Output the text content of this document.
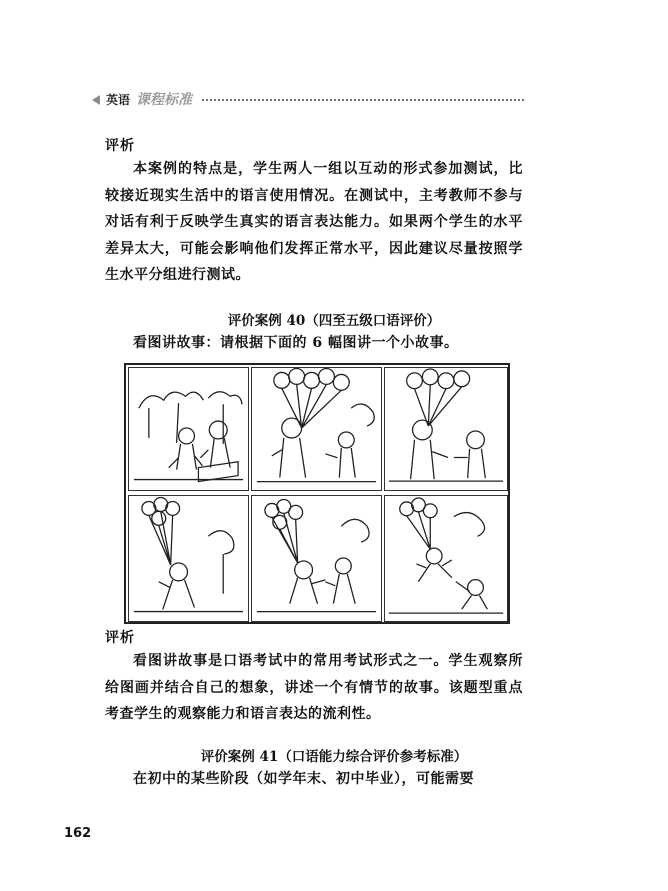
英语 课程标准
评析
本案例的特点是，学生两人一组以互动的形式参加测试，比较接近现实生活中的语言使用情况。在测试中，主考教师不参与对话有利于反映学生真实的语言表达能力。如果两个学生的水平差异太大，可能会影响他们发挥正常水平，因此建议尽量按照学生水平分组进行测试。
评价案例 40（四至五级口语评价）
看图讲故事：请根据下面的 6 幅图讲一个小故事。
评析
看图讲故事是口语考试中的常用考试形式之一。学生观察所给图画并结合自己的想象，讲述一个有情节的故事。该题型重点考查学生的观察能力和语言表达的流利性。
评价案例 41（口语能力综合评价参考标准）
在初中的某些阶段（如学年末、初中毕业），可能需要
162
